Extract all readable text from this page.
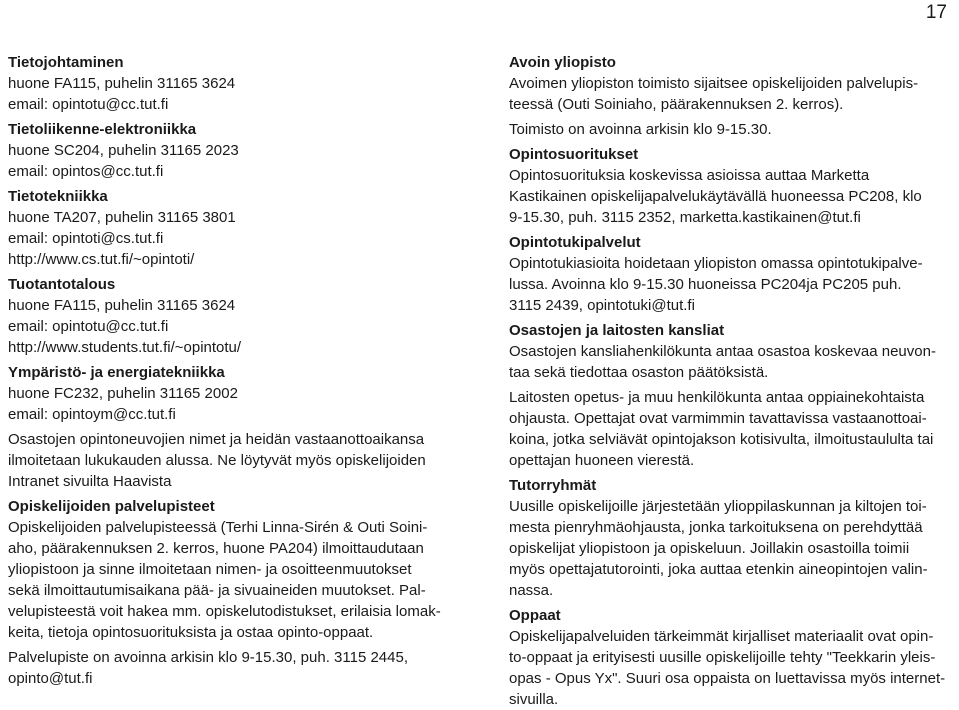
17
Tietojohtaminen
huone FA115, puhelin 31165 3624
email: opintotu@cc.tut.fi
Tietoliikenne-elektroniikka
huone SC204, puhelin 31165 2023
email: opintos@cc.tut.fi
Tietotekniikka
huone TA207, puhelin 31165 3801
email: opintoti@cs.tut.fi
http://www.cs.tut.fi/~opintoti/
Tuotantotalous
huone FA115, puhelin 31165 3624
email: opintotu@cc.tut.fi
http://www.students.tut.fi/~opintotu/
Ympäristö- ja energiatekniikka
huone FC232, puhelin 31165 2002
email: opintoym@cc.tut.fi
Osastojen opintoneuvojien nimet ja heidän vastaanottoaikansa
ilmoitetaan lukukauden alussa. Ne löytyvät myös opiskelijoiden
Intranet sivuilta Haavista
Opiskelijoiden palvelupisteet
Opiskelijoiden palvelupisteessä (Terhi Linna-Sirén & Outi Soini-
aho, päärakennuksen 2. kerros, huone PA204) ilmoittaudutaan
yliopistoon ja sinne ilmoitetaan nimen- ja osoitteenmuutokset
sekä ilmoittautumisaikana pää- ja sivuaineiden muutokset. Pal-
velupisteestä voit hakea mm. opiskelutodistukset, erilaisia lomak-
keita, tietoja opintosuorituksista ja ostaa opinto-oppaat.
Palvelupiste on avoinna arkisin klo 9-15.30, puh. 3115 2445,
opinto@tut.fi
Avoin yliopisto
Avoimen yliopiston toimisto sijaitsee opiskelijoiden palvelupis-
teessä (Outi Soiniaho, päärakennuksen 2. kerros).
Toimisto on avoinna arkisin klo 9-15.30.
Opintosuoritukset
Opintosuorituksia koskevissa asioissa auttaa Marketta
Kastikainen opiskelijapalvelukäytävällä huoneessa PC208, klo
9-15.30, puh. 3115 2352, marketta.kastikainen@tut.fi
Opintotukipalvelut
Opintotukiasioita hoidetaan yliopiston omassa opintotukipalve-
lussa. Avoinna klo 9-15.30 huoneissa PC204ja PC205 puh.
3115 2439, opintotuki@tut.fi
Osastojen ja laitosten kansliat
Osastojen kansliahenkilökunta antaa osastoa koskevaa neuvon-
taa sekä tiedottaa osaston päätöksistä.
Laitosten opetus- ja muu henkilökunta antaa oppiainekohtaista
ohjausta. Opettajat ovat varmimmin tavattavissa vastaanottoai-
koina, jotka selviävät opintojakson kotisivulta, ilmoitustaululta tai
opettajan huoneen vierestä.
Tutorryhmät
Uusille opiskelijoille järjestetään ylioppilaskunnan ja kiltojen toi-
mesta pienryhmäohjausta, jonka tarkoituksena on perehdyttää
opiskelijat yliopistoon ja opiskeluun. Joillakin osastoilla toimii
myös opettajatutorointi, joka auttaa etenkin aineopintojen valin-
nassa.
Oppaat
Opiskelijapalveluiden tärkeimmät kirjalliset materiaalit ovat opin-
to-oppaat ja erityisesti uusille opiskelijoille tehty "Teekkarin yleis-
opas - Opus Yx". Suuri osa oppaista on luettavissa myös internet-
sivuilla.
